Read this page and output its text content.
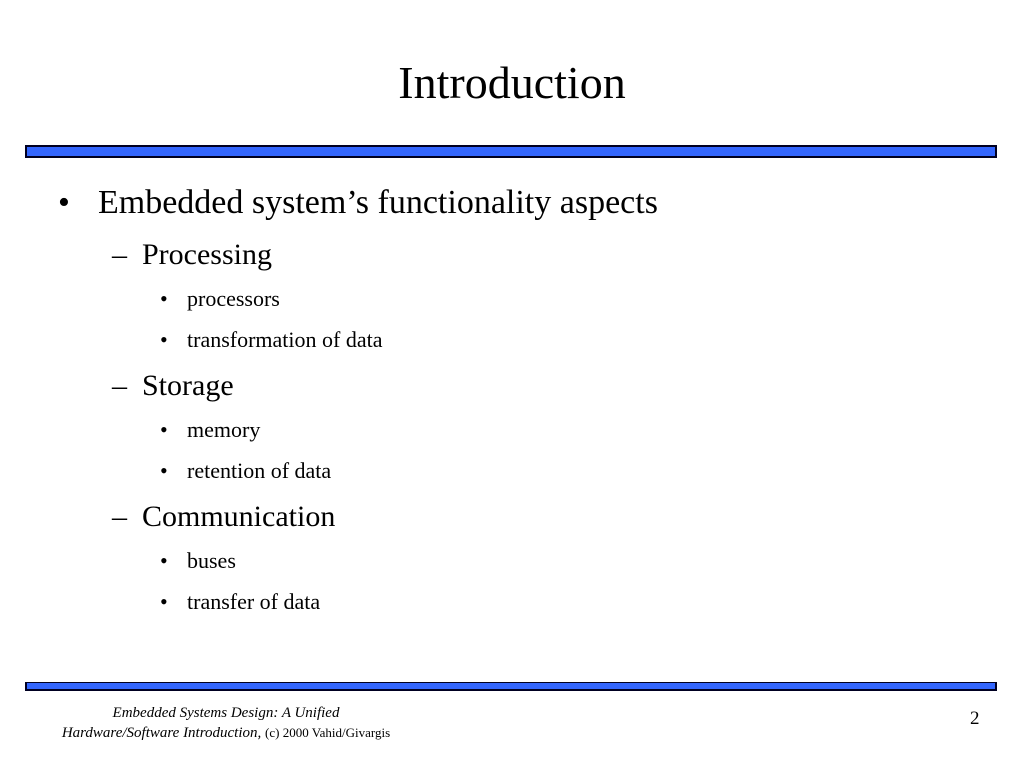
Introduction
• Embedded system’s functionality aspects
– Processing
• processors
• transformation of data
– Storage
• memory
• retention of data
– Communication
• buses
• transfer of data
Embedded Systems Design: A Unified
Hardware/Software Introduction, (c) 2000 Vahid/Givargis
2
